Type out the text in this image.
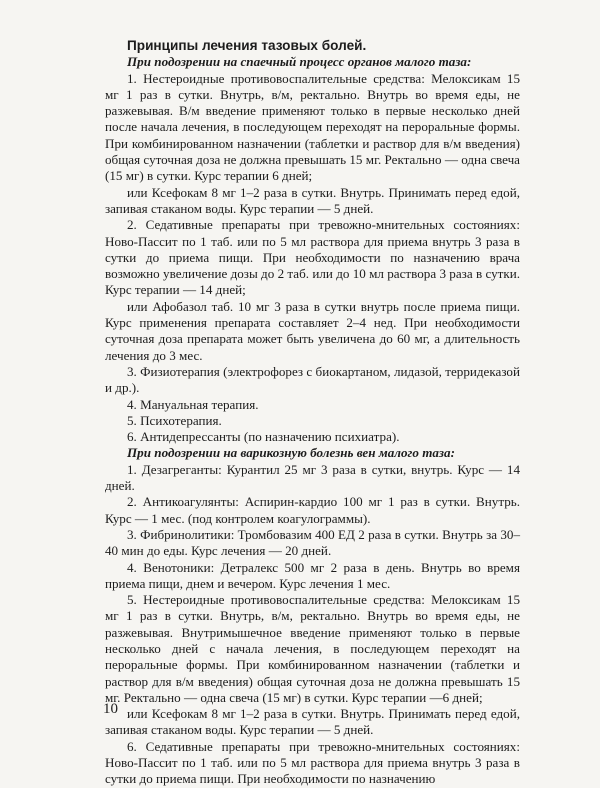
Принципы лечения тазовых болей.

При подозрении на спаечный процесс органов малого таза:

1. Нестероидные противовоспалительные средства: Мелоксикам 15 мг 1 раз в сутки. Внутрь, в/м, ректально. Внутрь во время еды, не разжевывая. В/м введение применяют только в первые несколько дней после начала лечения, в последующем переходят на пероральные формы. При комбинированном назначении (таблетки и раствор для в/м введения) общая суточная доза не должна превышать 15 мг. Ректально — одна свеча (15 мг) в сутки. Курс терапии 6 дней;

или Ксефокам 8 мг 1–2 раза в сутки. Внутрь. Принимать перед едой, запивая стаканом воды. Курс терапии — 5 дней.

2. Седативные препараты при тревожно-мнительных состояниях: Ново-Пассит по 1 таб. или по 5 мл раствора для приема внутрь 3 раза в сутки до приема пищи. При необходимости по назначению врача возможно увеличение дозы до 2 таб. или до 10 мл раствора 3 раза в сутки. Курс терапии — 14 дней;

или Афобазол таб. 10 мг 3 раза в сутки внутрь после приема пищи. Курс применения препарата составляет 2–4 нед. При необходимости суточная доза препарата может быть увеличена до 60 мг, а длительность лечения до 3 мес.

3. Физиотерапия (электрофорез с биокартаном, лидазой, терридеказой и др.).

4. Мануальная терапия.

5. Психотерапия.

6. Антидепрессанты (по назначению психиатра).

При подозрении на варикозную болезнь вен малого таза:

1. Дезагреганты: Курантил 25 мг 3 раза в сутки, внутрь. Курс — 14 дней.

2. Антикоагулянты: Аспирин-кардио 100 мг 1 раз в сутки. Внутрь. Курс — 1 мес. (под контролем коагулограммы).

3. Фибринолитики: Тромбовазим 400 ЕД 2 раза в сутки. Внутрь за 30–40 мин до еды. Курс лечения — 20 дней.

4. Венотоники: Детралекс 500 мг 2 раза в день. Внутрь во время приема пищи, днем и вечером. Курс лечения 1 мес.

5. Нестероидные противовоспалительные средства: Мелоксикам 15 мг 1 раз в сутки. Внутрь, в/м, ректально. Внутрь во время еды, не разжевывая. Внутримышечное введение применяют только в первые несколько дней с начала лечения, в последующем переходят на пероральные формы. При комбинированном назначении (таблетки и раствор для в/м введения) общая суточная доза не должна превышать 15 мг. Ректально — одна свеча (15 мг) в сутки. Курс терапии —6 дней;

или Ксефокам 8 мг 1–2 раза в сутки. Внутрь. Принимать перед едой, запивая стаканом воды. Курс терапии — 5 дней.

6. Седативные препараты при тревожно-мнительных состояниях: Ново-Пассит по 1 таб. или по 5 мл раствора для приема внутрь 3 раза в сутки до приема пищи. При необходимости по назначению

10
